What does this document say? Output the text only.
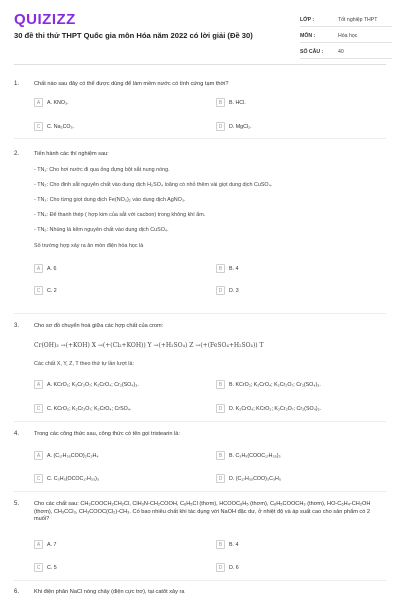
QUIZIZZ
30 đề thi thử THPT Quốc gia môn Hóa năm 2022 có lời giải (Đề 30)
LỚP :	Tốt nghiệp THPT
MÔN :	Hóa học
SỐ CÂU :	40
1.	Chất nào sau đây có thể được dùng để làm mềm nước có tính cứng tạm thời?
A	A. KNO₃.	B	B. HCl.
C	C. Na₂CO₃.	D	D. MgCl₂.
2.	Tiến hành các thí nghiệm sau:
- TN₁: Cho hơi nước đi qua ống đựng bột sắt nung nóng.
- TN₂: Cho đinh sắt nguyên chất vào dung dịch H₂SO₄ loãng có nhỏ thêm vài giọt dung dịch CuSO₄.
- TN₃: Cho từng giọt dung dịch Fe(NO₃)₂ vào dung dịch AgNO₃.
- TN₄: Để thanh thép ( hợp kim của sắt với cacbon) trong không khí ẩm.
- TN₅: Nhúng lá kẽm nguyên chất vào dung dịch CuSO₄.
Số trường hợp xảy ra ăn mòn điện hóa học là
A	A. 6	B	B. 4
C	C. 2	D	D. 3
3.	Cho sơ đồ chuyển hoá giữa các hợp chất của crom:
Cr(OH)₃ →(+KOH) X →(+(Cl₂+KOH)) Y →(+H₂SO₄) Z →(+(FeSO₄+H₂SO₄)) T
Các chất X, Y, Z, T theo thứ tự lần lượt là:
A	A. KCrO₂; K₂Cr₂O₇; K₂CrO₄; Cr₂(SO₄)₃.	B	B. KCrO₂; K₂CrO₄; K₂Cr₂O₇; Cr₂(SO₄)₃.
C	C. KCrO₂; K₂Cr₂O₇; K₂CrO₄; CrSO₄.	D	D. K₂CrO₄; KCrO₂; K₂Cr₂O₇; Cr₂(SO₄)₃.
4.	Trong các công thức sau, công thức có tên gọi tristearin là:
A	A. (C₁₇H₃₅COO)₂C₂H₄	B	B. C₃H₅(COOC₁₇H₃₅)₃
C	C. C₃H₅(OCOC₁₇H₃₃)₃	D	D. (C₁₇H₃₅COO)₃C₃H₅
5.	Cho các chất sau: CH₃COOCH₂CH₂Cl, ClH₃N-CH₂COOH, C₆H₅Cl (thơm), HCOOC₆H₅ (thơm), C₆H₅COOCH₃ (thơm), HO-C₆H₄-CH₂OH (thơm), CH₃CCl₃, CH₃COOC(Cl₂)-CH₃. Có bao nhiêu chất khi tác dụng với NaOH đặc dư, ở nhiệt độ và áp suất cao cho sản phẩm có 2 muối?
A	A. 7	B	B. 4
C	C. 5	D	D. 6
6.	Khi điện phân NaCl nóng chảy (điện cực trơ), tại catôt xảy ra
